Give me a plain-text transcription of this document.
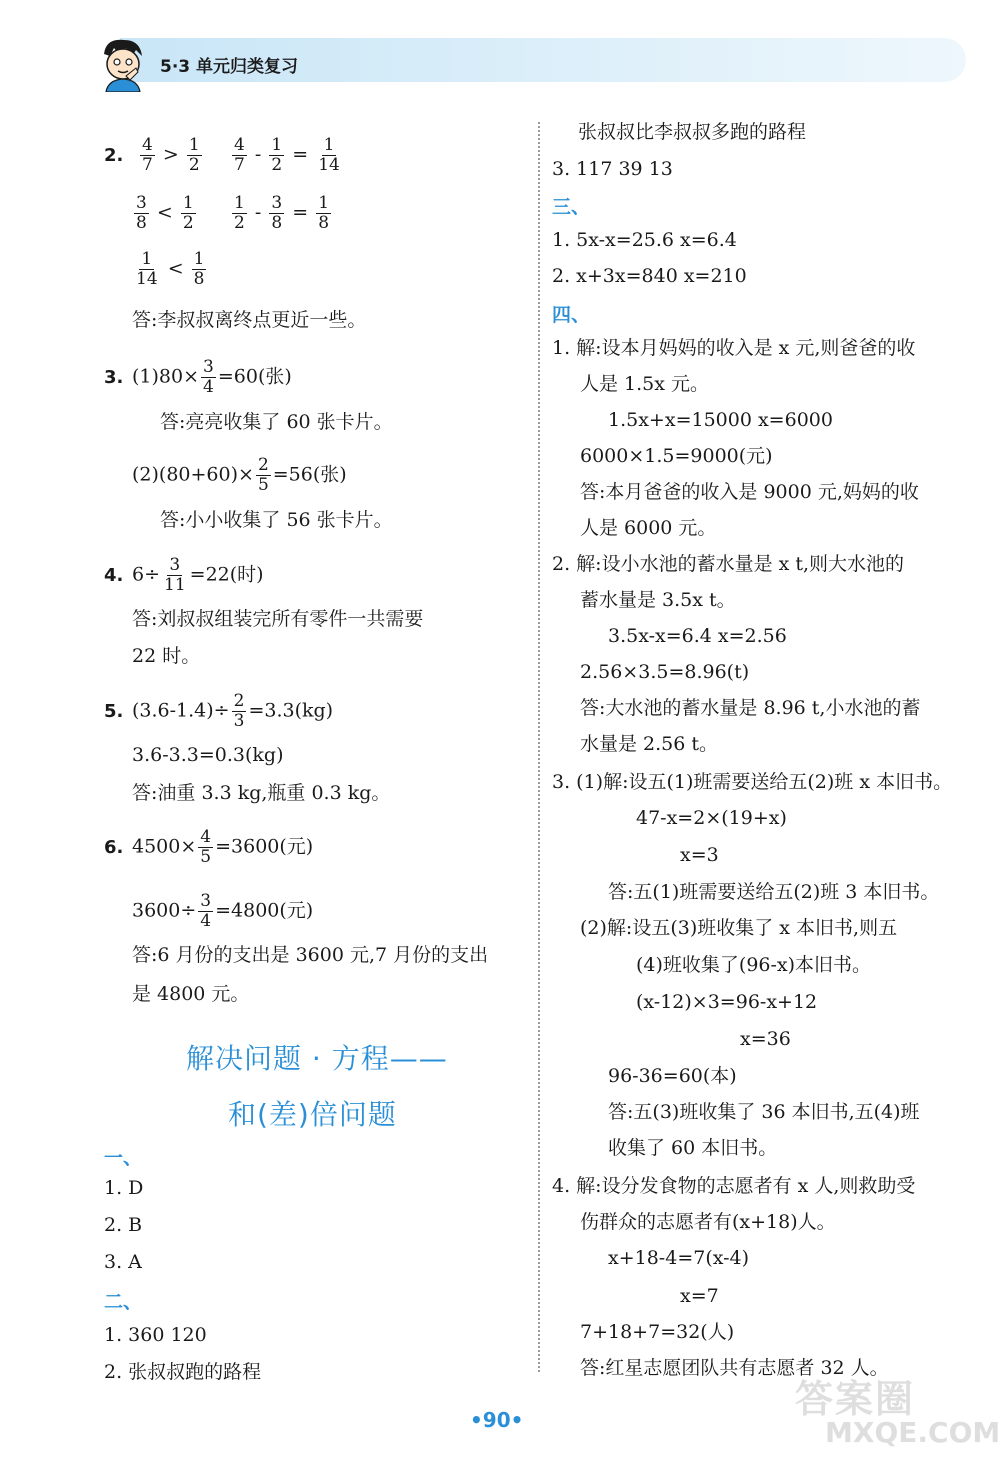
5·3 单元归类复习
2. $\frac{4}{7} > \frac{1}{2} \frac{4}{7} - \frac{1}{2} = \frac{1}{14}$
$\frac{3}{8} < \frac{1}{2} \frac{1}{2} - \frac{3}{8} = \frac{1}{8}$
$\frac{1}{14} < \frac{1}{8}$
答:李叔叔离终点更近一些。
3. $(1)80\times \frac{3}{4} =60$(张)
答:亮亮收集了 60 张卡片。
$(2)(80+60)\times \frac{2}{5} =56$(张)
答:小小收集了 56 张卡片。
4. $6\div \frac{3}{11} =22$(时)
答:刘叔叔组装完所有零件一共需要
22 时。
5. $(3.6-1.4)\div \frac{2}{3} =3.3(kg)$
3.6-3.3=0.3(kg)
答:油重 3.3 kg,瓶重 0.3 kg。
6. $4500\times \frac{4}{5} =3600$(元)
$3600\div \frac{3}{4} =4800$(元)
答:6 月份的支出是 3600 元,7 月份的支出
是 4800 元。
解决问题 · 方程——
和(差)倍问题
一、
1. D
2. B
3. A
二、
1. 360 120
2. 张叔叔跑的路程
张叔叔比李叔叔多跑的路程
3. 117 39 13
三、
1. 5x-x=25.6 x=6.4
2. x+3x=840 x=210
四、
1. 解:设本月妈妈的收入是 x 元,则爸爸的收
人是 1.5x 元。
1.5x+x=15000 x=6000
6000×1.5=9000(元)
答:本月爸爸的收入是 9000 元,妈妈的收
人是 6000 元。
2. 解:设小水池的蓄水量是 x t,则大水池的
蓄水量是 3.5x t。
3.5x-x=6.4 x=2.56
2.56×3.5=8.96(t)
答:大水池的蓄水量是 8.96 t,小水池的蓄
水量是 2.56 t。
3. (1)解:设五(1)班需要送给五(2)班 x 本旧书。
47-x=2×(19+x)
x=3
答:五(1)班需要送给五(2)班 3 本旧书。
(2)解:设五(3)班收集了 x 本旧书,则五
(4)班收集了(96-x)本旧书。
(x-12)×3=96-x+12
x=36
96-36=60(本)
答:五(3)班收集了 36 本旧书,五(4)班
收集了 60 本旧书。
4. 解:设分发食物的志愿者有 x 人,则救助受
伤群众的志愿者有(x+18)人。
x+18-4=7(x-4)
x=7
7+18+7=32(人)
答:红星志愿团队共有志愿者 32 人。
•90•	答案圈
MXQE.COM
